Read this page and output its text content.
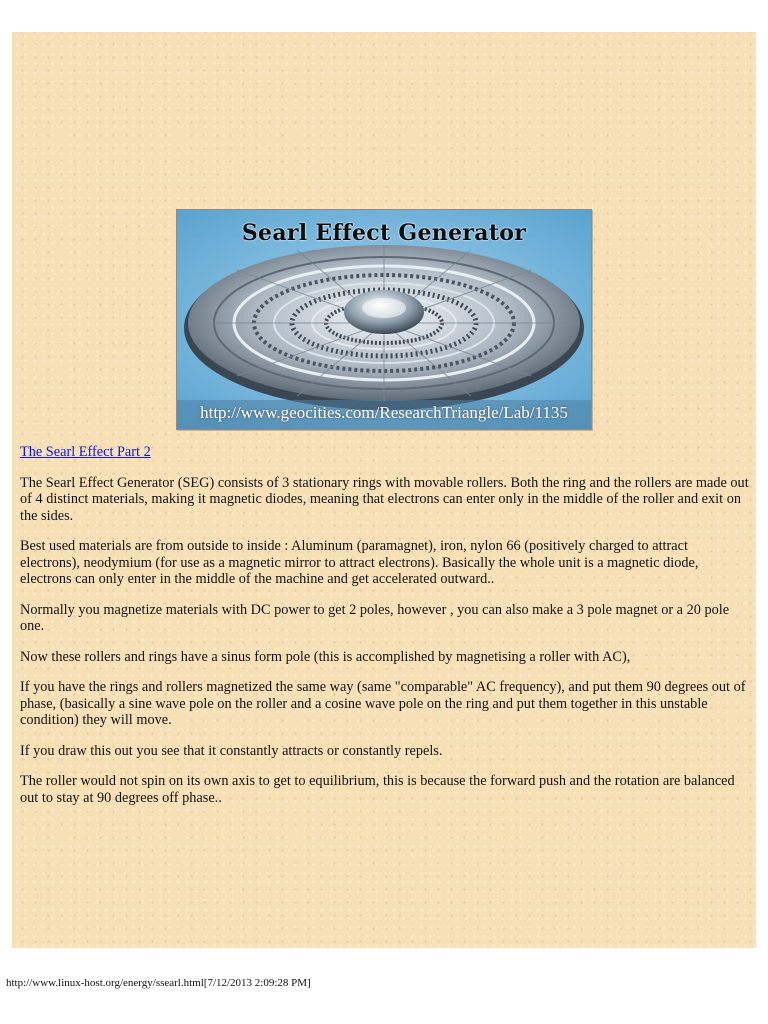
Searl Effect Generator
http://www.geocities.com/ResearchTriangle/Lab/1135

The Searl Effect Part 2

The Searl Effect Generator (SEG) consists of 3 stationary rings with movable rollers. Both the ring and the rollers are made out of 4 distinct materials, making it magnetic diodes, meaning that electrons can enter only in the middle of the roller and exit on the sides.

Best used materials are from outside to inside : Aluminum (paramagnet), iron, nylon 66 (positively charged to attract electrons), neodymium (for use as a magnetic mirror to attract electrons). Basically the whole unit is a magnetic diode, electrons can only enter in the middle of the machine and get accelerated outward..

Normally you magnetize materials with DC power to get 2 poles, however , you can also make a 3 pole magnet or a 20 pole one.

Now these rollers and rings have a sinus form pole (this is accomplished by magnetising a roller with AC),

If you have the rings and rollers magnetized the same way (same "comparable" AC frequency), and put them 90 degrees out of phase, (basically a sine wave pole on the roller and a cosine wave pole on the ring and put them together in this unstable condition) they will move.

If you draw this out you see that it constantly attracts or constantly repels.

The roller would not spin on its own axis to get to equilibrium, this is because the forward push and the rotation are balanced out to stay at 90 degrees off phase..

http://www.linux-host.org/energy/ssearl.html[7/12/2013 2:09:28 PM]
